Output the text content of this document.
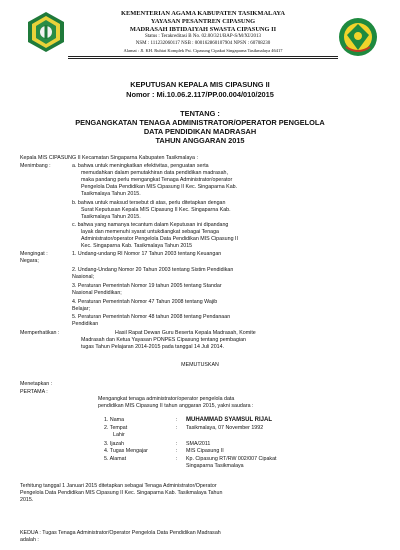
KEMENTERIAN AGAMA KABUPATEN TASIKMALAYA
YAYASAN PESANTREN CIPASUNG
MADRASAH IBTIDAIYAH SWASTA CIPASUNG II
Status : Terakreditasi B No. 02.00/321/BAP-S/M/XI/2013
NSM : 111232060117 NSB : 000162860107904 NPSN : 60708230
Alamat : Jl. KH. Ruhiat Komplek Pst. Cipasung Cipakat Singaparna Tasikmalaya 46417
KEPUTUSAN KEPALA MIS CIPASUNG II
Nomor : Mi.10.06.2.117/PP.00.004/010/2015
TENTANG :
PENGANGKATAN TENAGA ADMINISTRATOR/OPERATOR PENGELOLA
DATA PENDIDIKAN MADRASAH
TAHUN ANGGARAN 2015
Kepala MIS CIPASUNG II Kecamatan Singaparna Kabupaten Tasikmalaya :
Menimbang :	a. bahwa untuk meningkatkan efektivitas, penguatan serta
memudahkan dalam pemutakhiran data pendidikan madrasah,
maka pandang perlu mengangkat Tenaga Administrator/operator
Pengelola Data Pendidikan MIS Cipasung II Kec. Singaparna Kab.
Tasikmalaya Tahun 2015.
b. bahwa untuk maksud tersebut di atas, perlu ditetapkan dengan
Surat Keputusan Kepala MIS Cipasung II Kec. Singaparna Kab.
Tasikmalaya Tahun 2015.
c. bahwa yang namanya tecantum dalam Keputusan ini dipandang
layak dan memenuhi syarat untukdiangkat sebagai Tenaga
Administrator/operator Pengelola Data Pendidikan MIS Cipasung II
Kec. Singaparna Kab. Tasikmalaya Tahun 2015
Mengingat :	1. Undang-undang RI Nomor 17 Tahun 2003 tentang Keuangan
Negara;
2. Undang-Undang Nomor 20 Tahun 2003 tentang Sistim Pendidikan
Nasional;
3. Peraturan Pemerintah Nomor 19 tahun 2005 tentang Standar
Nasional Pendidikan;
4. Peraturan Pemerintah Nomor 47 Tahun 2008 tentang Wajib
Belajar;
5. Peraturan Pemerintah Nomor 48 tahun 2008 tentang Pendanaan
Pendidikan
Memperhatikan :	Hasil Rapat Dewan Guru Beserta Kepala Madrasah, Komite
Madrasah dan Ketua Yayasan PONPES Cipasung tentang pembagian
tugas Tahun Pelajaran 2014-2015 pada tanggal 14 Juli 2014.
MEMUTUSKAN
Menetapkan :
PERTAMA :
Mengangkat tenaga administrator/operator pengelola data
pendidikan MIS Cipasung II tahun anggaran 2015, yakni saudara :
1. Nama	: MUHAMMAD SYAMSUL RIJAL
2. Tempat
Lahir
: Tasikmalaya, 07 November 1992
3. Ijazah	: SMA/2011
4. Tugas Mengajar	: MIS Cipasung II
5. Alamat	: Kp. Cipasung RT/RW 002/007 Cipakat
Singaparna Tasikmalaya
Terhitung tanggal 1 Januari 2015 ditetapkan sebagai Tenaga Administrator/Operator
Pengelola Data Pendidikan MIS Cipasung II Kec. Singaparna Kab. Tasikmalaya Tahun
2015.
KEDUA : Tugas Tenaga Administrator/Operator Pengelola Data Pendidikan Madrasah
adalah :
